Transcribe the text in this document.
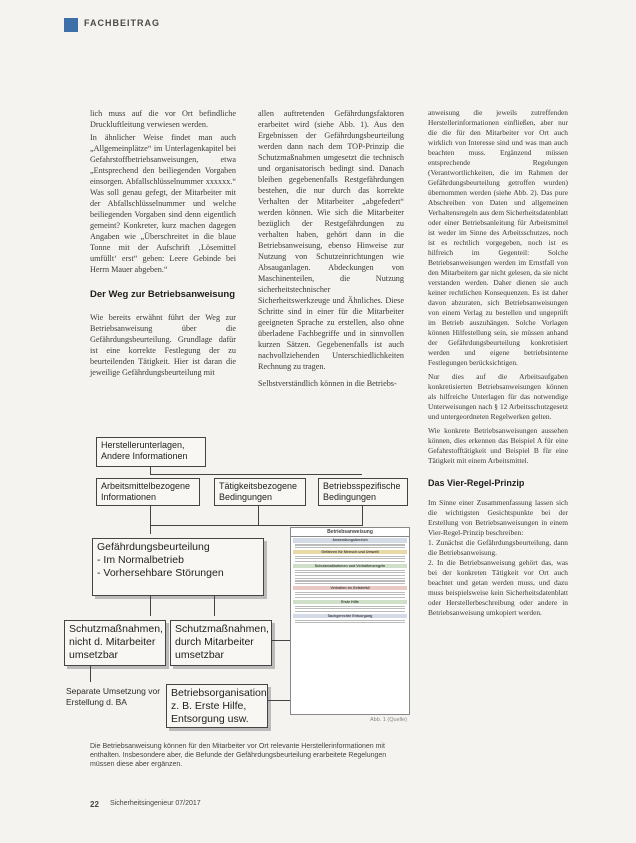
FACHBEITRAG

lich muss auf die vor Ort befindliche Druckluftleitung verwiesen werden.

In ähnlicher Weise findet man auch „Allgemeinplätze“ im Unterlagenkapitel bei Gefahrstoffbetriebsanweisungen, etwa „Entsprechend den beiliegenden Vorgaben einsorgen. Abfallschlüsselnummer xxxxxx.“ Was soll genau gefegt, der Mitarbeiter mit der Abfallschlüsselnummer und welche beiliegenden Vorgaben sind denn eigentlich gemeint? Konkreter, kurz machen dagegen Angaben wie „Überschreitet in die blaue Tonne mit der Aufschrift ‚Lösemittel umfüllt‘ erst“ geben: Leere Gebinde bei Herrn Mauer abgeben.“

Der Weg zur Betriebsanweisung

Wie bereits erwähnt führt der Weg zur Betriebsanweisung über die Gefährdungsbeurteilung. Grundlage dafür ist eine korrekte Festlegung der zu beurteilenden Tätigkeit. Hier ist daran die jeweilige Gefährdungsbeurteilung mit

allen auftretenden Gefährdungsfaktoren erarbeitet wird (siehe Abb. 1). Aus den Ergebnissen der Gefährdungsbeurteilung werden dann nach dem TOP-Prinzip die Schutzmaßnahmen umgesetzt die technisch und organisatorisch bedingt sind. Danach bleiben gegebenenfalls Restgefährdungen bestehen, die nur durch das korrekte Verhalten der Mitarbeiter „abgefedert“ werden können. Wie sich die Mitarbeiter bezüglich der Restgefährdungen zu verhalten haben, gehört dann in die Betriebsanweisung, ebenso Hinweise zur Nutzung von Schutzeinrichtungen wie Absauganlagen. Abdeckungen von Maschinenteilen, die Nutzung sicherheitstechnischer Sicherheitswerkzeuge und Ähnliches. Diese Schritte sind in einer für die Mitarbeiter geeigneten Sprache zu erstellen, also ohne überladene Fachbegriffe und in sinnvollen kurzen Sätzen. Gegebenenfalls ist auch nachvollziehenden Unterschiedlichkeiten Rechnung zu tragen.

Selbstverständlich können in die Betriebs-

anweisung die jeweils zutreffenden Herstellerinformationen einfließen, aber nur die die für den Mitarbeiter vor Ort auch wirklich von Interesse sind und was man auch beachten muss. Ergänzend müssen entsprechende Regelungen (Verantwortlichkeiten, die im Rahmen der Gefährdungsbeurteilung getroffen wurden) übernommen werden (siehe Abb. 2). Das pure Abschreiben von Daten und allgemeinen Verhaltensregeln aus dem Sicherheitsdatenblatt oder einer Betriebsanleitung für Arbeitsmittel ist weder im Sinne des Arbeitsschutzes, noch ist es rechtlich vorgegeben, noch ist es hilfreich im Gegenteil: Solche Betriebsanweisungen werden im Ernstfall von den Mitarbeitern gar nicht gelesen, da sie nicht verstanden werden. Daher dienen sie auch keiner rechtlichen Konsequenzen. Es ist daher davon abzuraten, sich Betriebsanweisungen von einem Verlag zu bestellen und ungeprüft im Betrieb auszuhängen. Solche Vorlagen können Hilfestellung sein, sie müssen anhand der Gefährdungsbeurteilung konkretisiert werden und eigene betriebsinterne Festlegungen berücksichtigen.

Nur dies auf die Arbeitsaufgaben konkretisierten Betriebsanweisungen können als hilfreiche Unterlagen für das notwendige Unterweisungen nach § 12 Arbeitsschutzgesetz und untergeordneten Regelwerken gelten.

Wie konkrete Betriebsanweisungen aussehen können, dies erkennen das Beispiel A für eine Gefahrstofftätigkeit und Beispiel B für eine Tätigkeit mit einem Arbeitsmittel.

Das Vier-Regel-Prinzip

Im Sinne einer Zusammenfassung lassen sich die wichtigsten Gesichtspunkte bei der Erstellung von Betriebsanweisungen in einem Vier-Regel-Prinzip beschreiben:

1. Zunächst die Gefährdungsbeurteilung, dann die Betriebsanweisung.

2. In die Betriebsanweisung gehört das, was bei der konkreten Tätigkeit vor Ort auch beachtet und getan werden muss, und dazu muss beispielsweise kein Sicherheitsdatenblatt oder Herstellerbeschreibung oder andere in Betriebsanweisung umkopiert werden.

Herstellerunterlagen, Andere Informationen
Arbeitsmittelbezogene Informationen
Tätigkeitsbezogene Bedingungen
Betriebsspezifische Bedingungen
Gefährdungsbeurteilung
- Im Normalbetrieb
- Vorhersehbare Störungen
Schutzmaßnahmen, nicht d. Mitarbeiter umsetzbar
Schutzmaßnahmen, durch Mitarbeiter umsetzbar
Separate Umsetzung vor Erstellung d. BA
Betriebsorganisation z. B. Erste Hilfe, Entsorgung usw.
Betriebsanweisung
Anwendungsbereich
Gefahren für Mensch und Umwelt
Schutzmaßnahmen und Verhaltensregeln
Verhalten im Gefahrfall
Erste Hilfe
Sachgerechte Entsorgung
Abb. 1 (Quelle)
Die Betriebsanweisung können für den Mitarbeiter vor Ort relevante Herstellerinformationen mit enthalten. Insbesondere aber, die Befunde der Gefährdungsbeurteilung erarbeitete Regelungen müssen diese aber ergänzen.
22 Sicherheitsingenieur 07/2017
